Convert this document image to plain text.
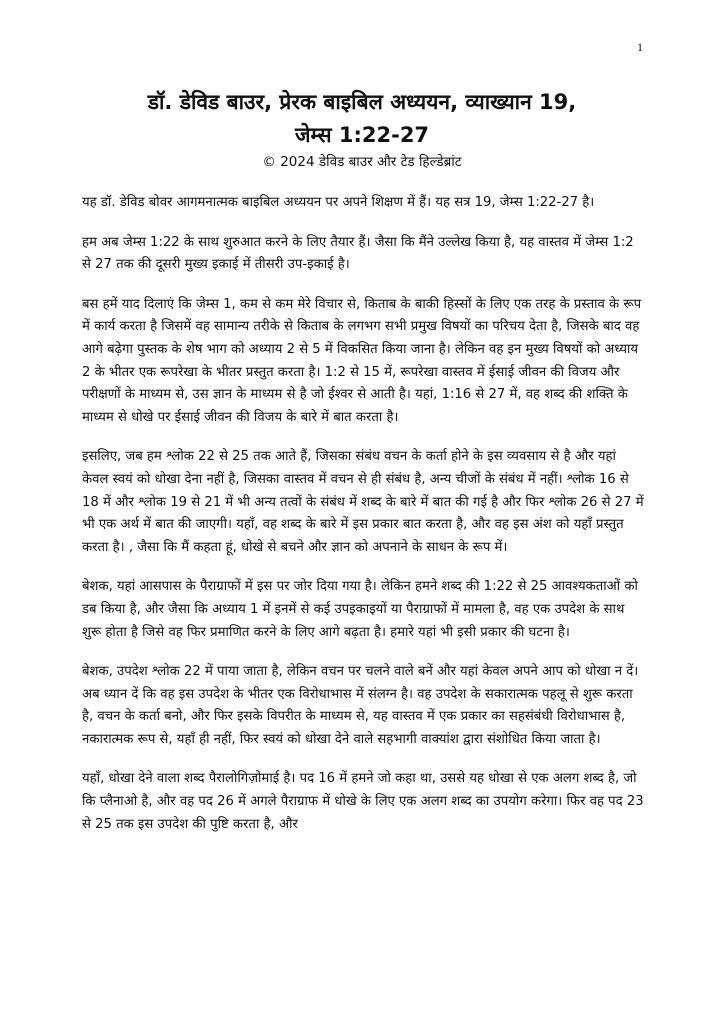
1
डॉ. डेविड बाउर, प्रेरक बाइबिल अध्ययन, व्याख्यान 19,
जेम्स 1:22-27
© 2024 डेविड बाउर और टेड हिल्डेब्रांट

यह डॉ. डेविड बोवर आगमनात्मक बाइबिल अध्ययन पर अपने शिक्षण में हैं। यह सत्र 19, जेम्स 1:22-27 है।

हम अब जेम्स 1:22 के साथ शुरुआत करने के लिए तैयार हैं। जैसा कि मैंने उल्लेख किया है, यह वास्तव में जेम्स 1:2 से 27 तक की दूसरी मुख्य इकाई में तीसरी उप-इकाई है।

बस हमें याद दिलाएं कि जेम्स 1, कम से कम मेरे विचार से, किताब के बाकी हिस्सों के लिए एक तरह के प्रस्ताव के रूप में कार्य करता है जिसमें वह सामान्य तरीके से किताब के लगभग सभी प्रमुख विषयों का परिचय देता है, जिसके बाद वह आगे बढ़ेगा पुस्तक के शेष भाग को अध्याय 2 से 5 में विकसित किया जाना है। लेकिन वह इन मुख्य विषयों को अध्याय 2 के भीतर एक रूपरेखा के भीतर प्रस्तुत करता है। 1:2 से 15 में, रूपरेखा वास्तव में ईसाई जीवन की विजय और परीक्षणों के माध्यम से, उस ज्ञान के माध्यम से है जो ईश्वर से आती है। यहां, 1:16 से 27 में, वह शब्द की शक्ति के माध्यम से धोखे पर ईसाई जीवन की विजय के बारे में बात करता है।

इसलिए, जब हम श्लोक 22 से 25 तक आते हैं, जिसका संबंध वचन के कर्ता होने के इस व्यवसाय से है और यहां केवल स्वयं को धोखा देना नहीं है, जिसका वास्तव में वचन से ही संबंध है, अन्य चीजों के संबंध में नहीं। श्लोक 16 से 18 में और श्लोक 19 से 21 में भी अन्य तत्वों के संबंध में शब्द के बारे में बात की गई है और फिर श्लोक 26 से 27 में भी एक अर्थ में बात की जाएगी। यहाँ, वह शब्द के बारे में इस प्रकार बात करता है, और वह इस अंश को यहाँ प्रस्तुत करता है। , जैसा कि मैं कहता हूं, धोखे से बचने और ज्ञान को अपनाने के साधन के रूप में।

बेशक, यहां आसपास के पैराग्राफों में इस पर जोर दिया गया है। लेकिन हमने शब्द की 1:22 से 25 आवश्यकताओं को डब किया है, और जैसा कि अध्याय 1 में इनमें से कई उपइकाइयों या पैराग्राफों में मामला है, वह एक उपदेश के साथ शुरू होता है जिसे वह फिर प्रमाणित करने के लिए आगे बढ़ता है। हमारे यहां भी इसी प्रकार की घटना है।

बेशक, उपदेश श्लोक 22 में पाया जाता है, लेकिन वचन पर चलने वाले बनें और यहां केवल अपने आप को धोखा न दें। अब ध्यान दें कि वह इस उपदेश के भीतर एक विरोधाभास में संलग्न है। वह उपदेश के सकारात्मक पहलू से शुरू करता है, वचन के कर्ता बनो, और फिर इसके विपरीत के माध्यम से, यह वास्तव में एक प्रकार का सहसंबंधी विरोधाभास है, नकारात्मक रूप से, यहाँ ही नहीं, फिर स्वयं को धोखा देने वाले सहभागी वाक्यांश द्वारा संशोधित किया जाता है।

यहाँ, धोखा देने वाला शब्द पैरालोगिज़ोमाई है। पद 16 में हमने जो कहा था, उससे यह धोखा से एक अलग शब्द है, जो कि प्लैनाओ है, और वह पद 26 में अगले पैराग्राफ में धोखे के लिए एक अलग शब्द का उपयोग करेगा। फिर वह पद 23 से 25 तक इस उपदेश की पुष्टि करता है, और
